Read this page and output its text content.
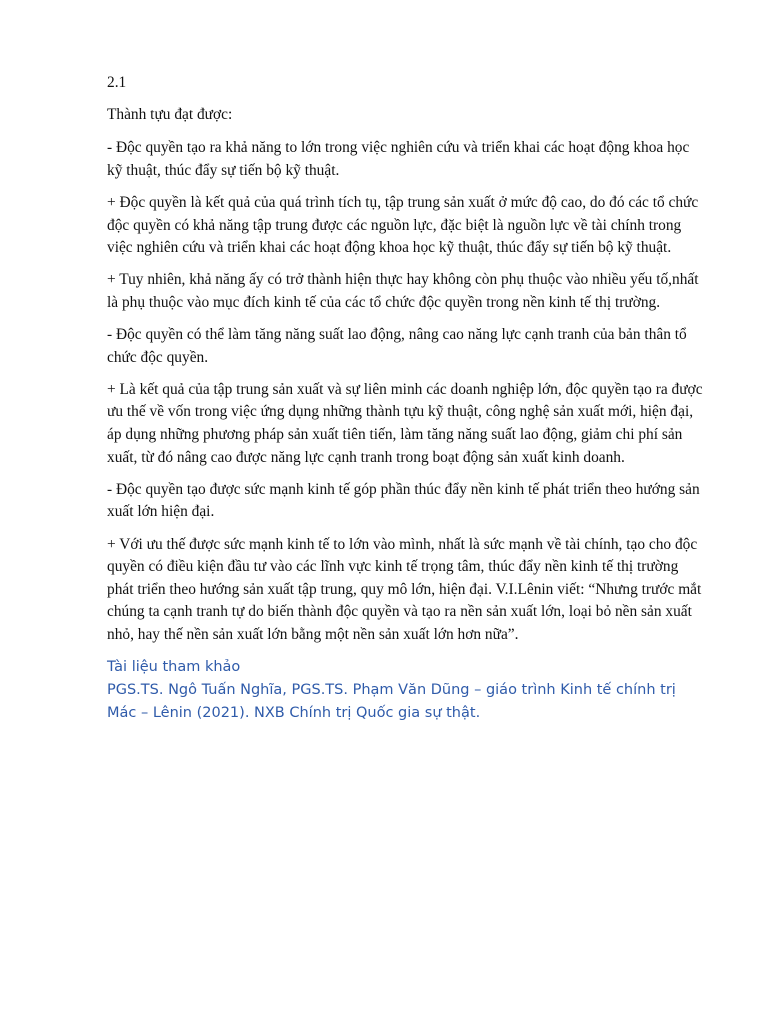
2.1

Thành tựu đạt được:

- Độc quyền tạo ra khả năng to lớn trong việc nghiên cứu và triển khai các hoạt động khoa học kỹ thuật, thúc đẩy sự tiến bộ kỹ thuật.

+ Độc quyền là kết quả của quá trình tích tụ, tập trung sản xuất ở mức độ cao, do đó các tổ chức độc quyền có khả năng tập trung được các nguồn lực, đặc biệt là nguồn lực về tài chính trong việc nghiên cứu và triển khai các hoạt động khoa học kỹ thuật, thúc đẩy sự tiến bộ kỹ thuật.

+ Tuy nhiên, khả năng ấy có trở thành hiện thực hay không còn phụ thuộc vào nhiều yếu tố,nhất là phụ thuộc vào mục đích kinh tế của các tổ chức độc quyền trong nền kinh tế thị trường.

- Độc quyền có thể làm tăng năng suất lao động, nâng cao năng lực cạnh tranh của bản thân tổ chức độc quyền.

+ Là kết quả của tập trung sản xuất và sự liên minh các doanh nghiệp lớn, độc quyền tạo ra được ưu thế về vốn trong việc ứng dụng những thành tựu kỹ thuật, công nghệ sản xuất mới, hiện đại, áp dụng những phương pháp sản xuất tiên tiến, làm tăng năng suất lao động, giảm chi phí sản xuất, từ đó nâng cao được năng lực cạnh tranh trong boạt động sản xuất kinh doanh.

- Độc quyền tạo được sức mạnh kinh tế góp phần thúc đẩy nền kinh tế phát triển theo hướng sản xuất lớn hiện đại.

+ Với ưu thế được sức mạnh kinh tế to lớn vào mình, nhất là sức mạnh về tài chính, tạo cho độc quyền có điều kiện đầu tư vào các lĩnh vực kinh tế trọng tâm, thúc đẩy nền kinh tế thị trường phát triển theo hướng sản xuất tập trung, quy mô lớn, hiện đại. V.I.Lênin viết: “Nhưng trước mắt chúng ta cạnh tranh tự do biến thành độc quyền và tạo ra nền sản xuất lớn, loại bỏ nền sản xuất nhỏ, hay thế nền sản xuất lớn bằng một nền sản xuất lớn hơn nữa”.

Tài liệu tham khảo

PGS.TS. Ngô Tuấn Nghĩa, PGS.TS. Phạm Văn Dũng – giáo trình Kinh tế chính trị Mác – Lênin (2021). NXB Chính trị Quốc gia sự thật.
